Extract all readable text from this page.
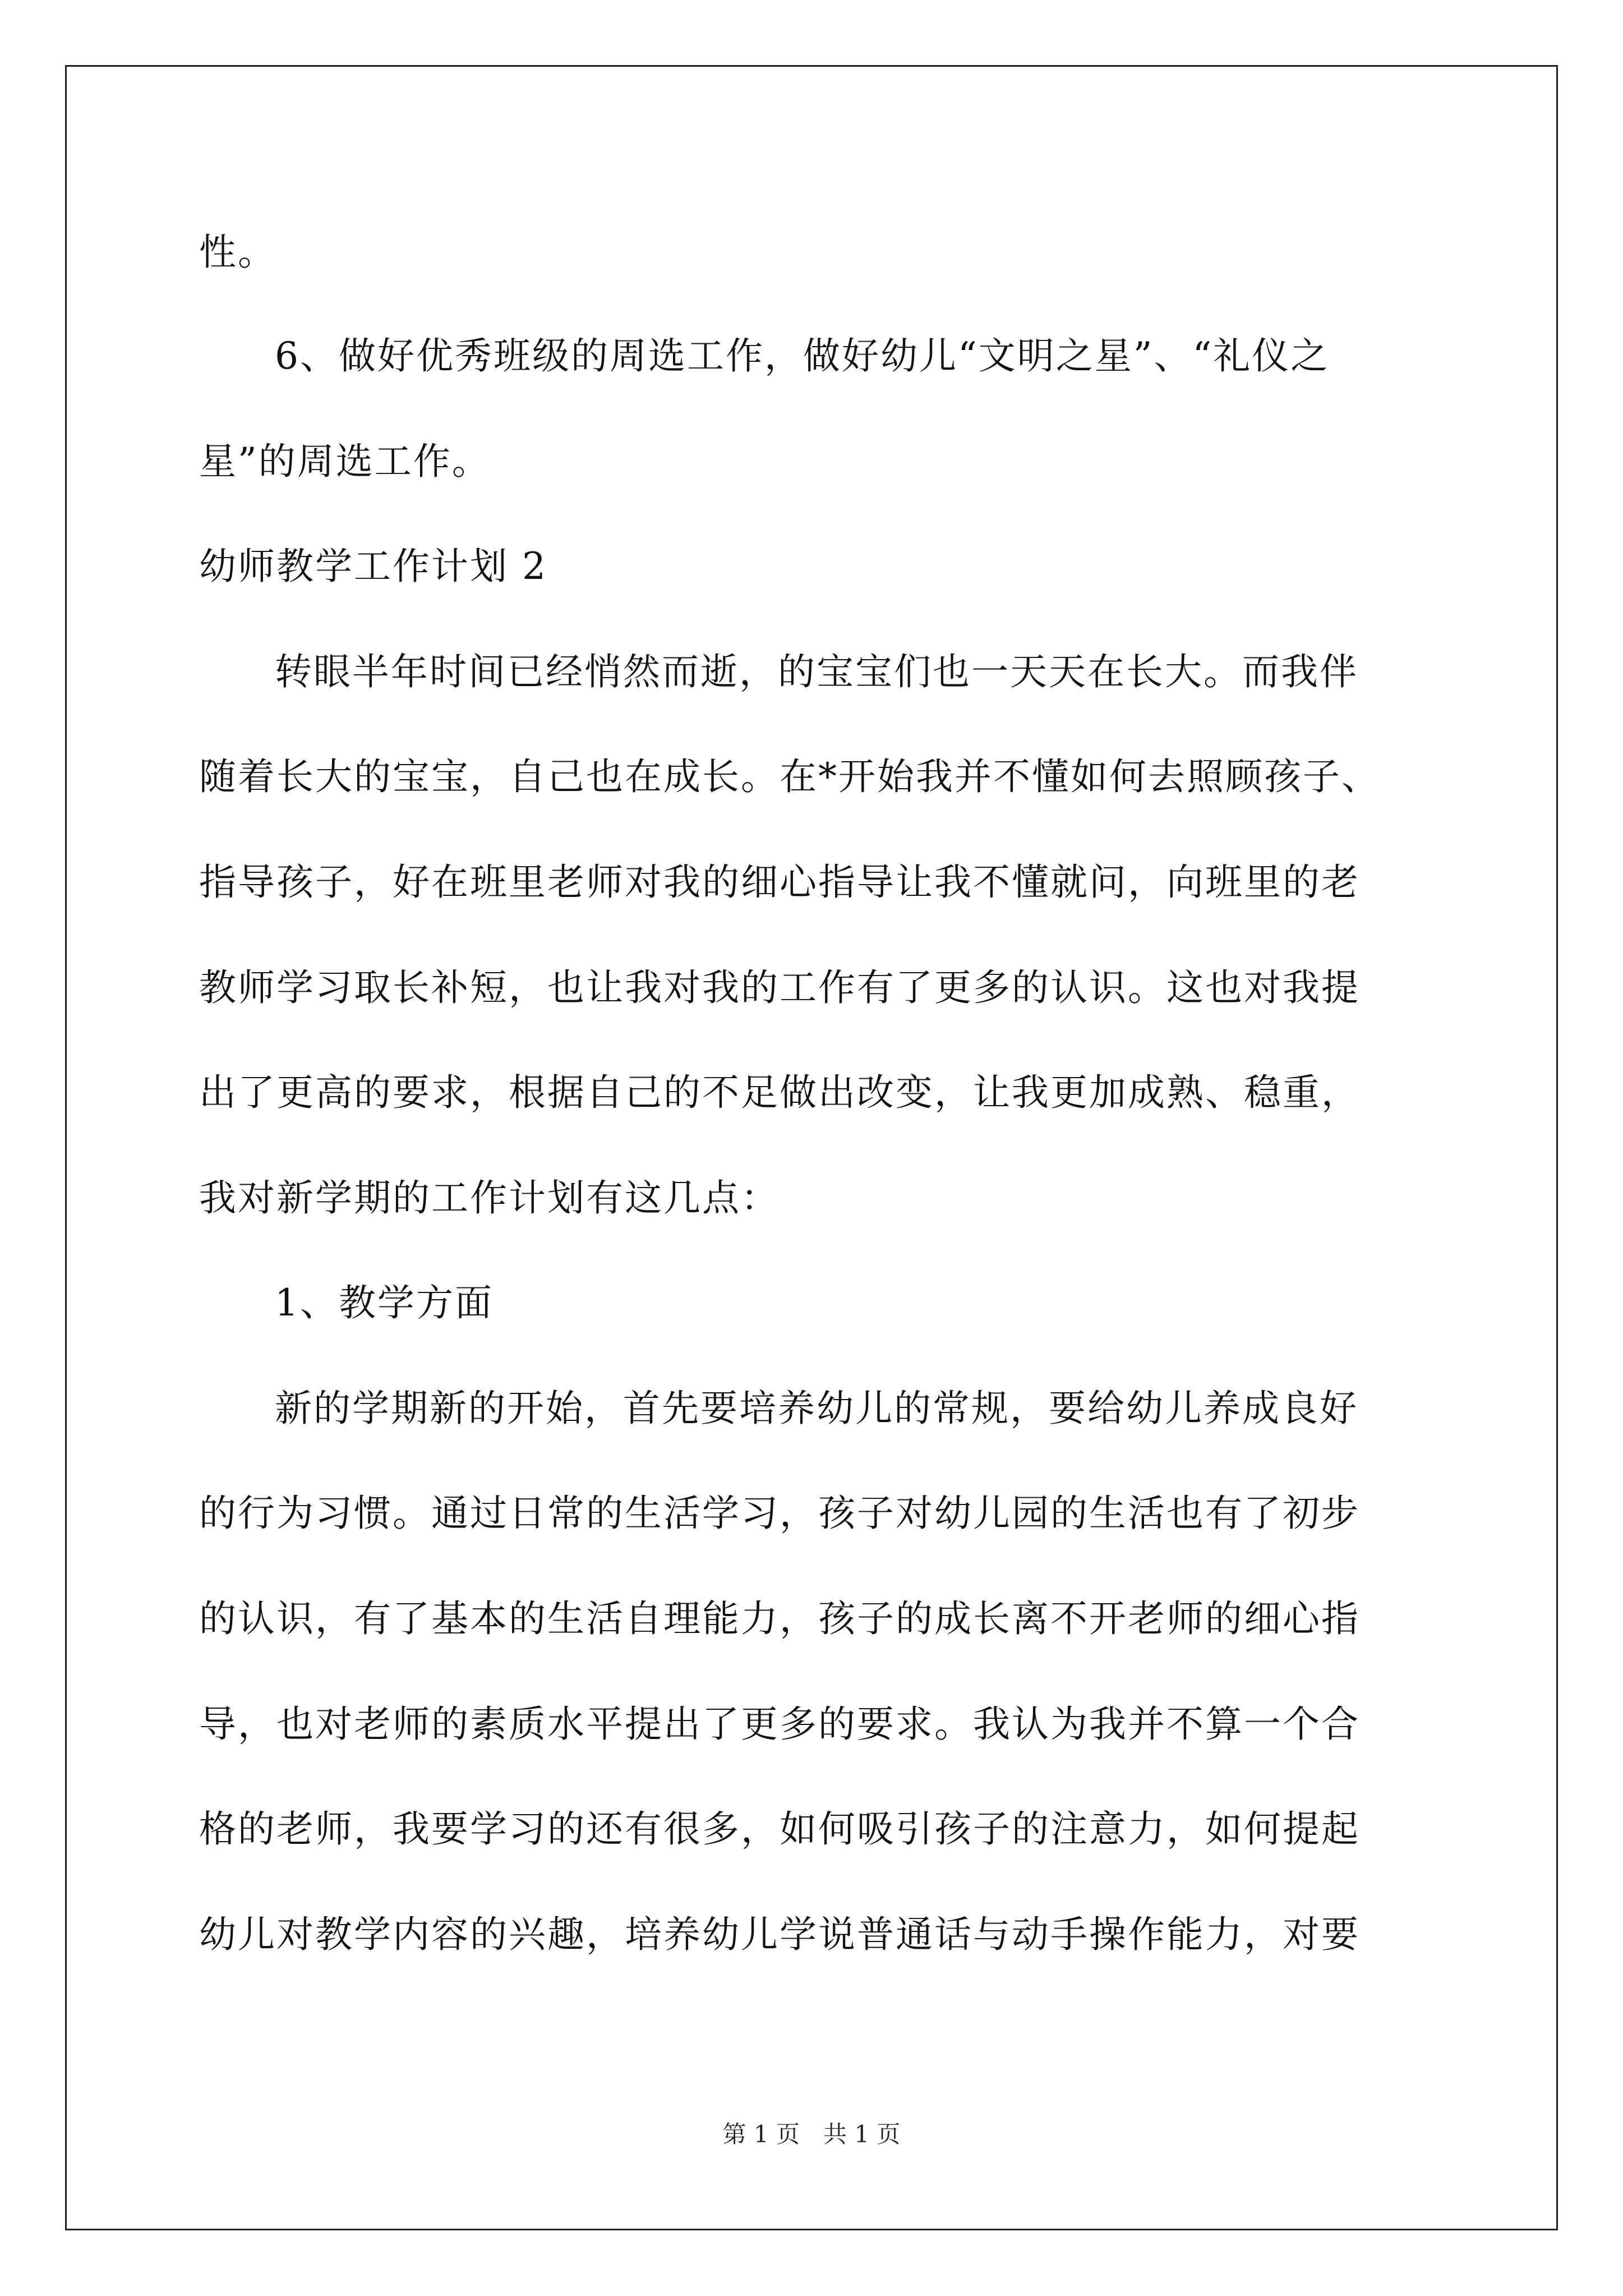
性。
6、做好优秀班级的周选工作，做好幼儿“文明之星”、“礼仪之
星”的周选工作。
幼师教学工作计划 2
转眼半年时间已经悄然而逝，的宝宝们也一天天在长大。而我伴
随着长大的宝宝，自己也在成长。在*开始我并不懂如何去照顾孩子、
指导孩子，好在班里老师对我的细心指导让我不懂就问，向班里的老
教师学习取长补短，也让我对我的工作有了更多的认识。这也对我提
出了更高的要求，根据自己的不足做出改变，让我更加成熟、稳重，
我对新学期的工作计划有这几点：
1、教学方面
新的学期新的开始，首先要培养幼儿的常规，要给幼儿养成良好
的行为习惯。通过日常的生活学习，孩子对幼儿园的生活也有了初步
的认识，有了基本的生活自理能力，孩子的成长离不开老师的细心指
导，也对老师的素质水平提出了更多的要求。我认为我并不算一个合
格的老师，我要学习的还有很多，如何吸引孩子的注意力，如何提起
幼儿对教学内容的兴趣，培养幼儿学说普通话与动手操作能力，对要
第 1 页　共 1 页
